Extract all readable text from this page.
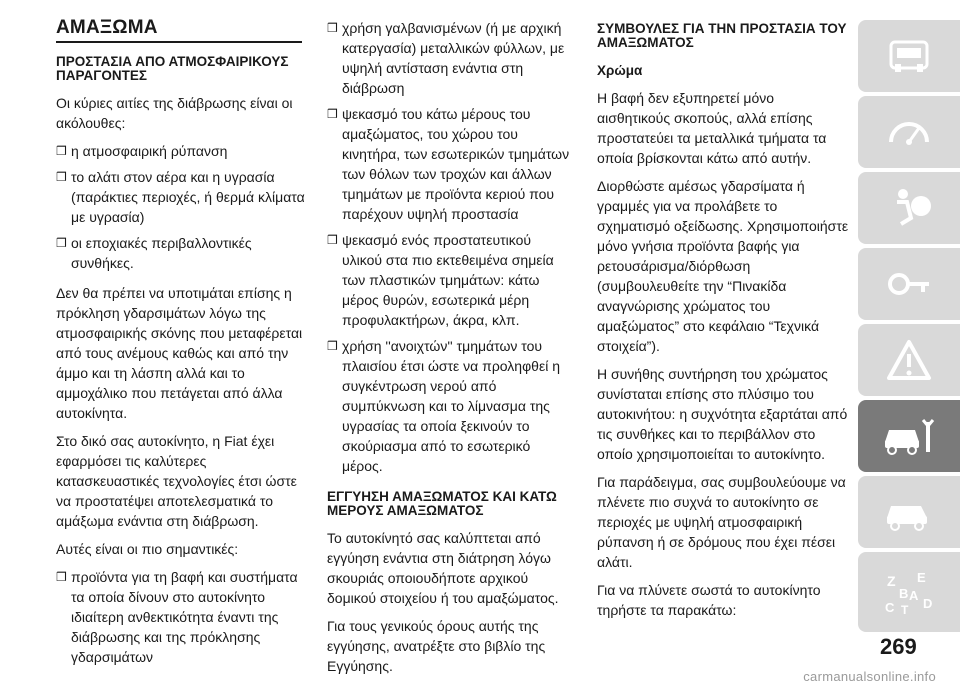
ΑΜΑΞΩΜΑ
ΠΡΟΣΤΑΣΙΑ ΑΠΟ ΑΤΜΟΣΦΑΙΡΙΚΟΥΣ ΠΑΡΑΓΟΝΤΕΣ

Οι κύριες αιτίες της διάβρωσης είναι οι ακόλουθες:

❒ η ατμοσφαιρική ρύπανση
❒ το αλάτι στον αέρα και η υγρασία (παράκτιες περιοχές, ή θερμά κλίματα με υγρασία)
❒ οι εποχιακές περιβαλλοντικές συνθήκες.

Δεν θα πρέπει να υποτιμάται επίσης η πρόκληση γδαρσιμάτων λόγω της ατμοσφαιρικής σκόνης που μεταφέρεται από τους ανέμους καθώς και από την άμμο και τη λάσπη αλλά και το αμμοχάλικο που πετάγεται από άλλα αυτοκίνητα.

Στο δικό σας αυτοκίνητο, η Fiat έχει εφαρμόσει τις καλύτερες κατασκευαστικές τεχνολογίες έτσι ώστε να προστατέψει αποτελεσματικά το αμάξωμα ενάντια στη διάβρωση.

Αυτές είναι οι πιο σημαντικές:

❒ προϊόντα για τη βαφή και συστήματα τα οποία δίνουν στο αυτοκίνητο ιδιαίτερη ανθεκτικότητα έναντι της διάβρωσης και της πρόκλησης γδαρσιμάτων
❒ χρήση γαλβανισμένων (ή με αρχική κατεργασία) μεταλλικών φύλλων, με υψηλή αντίσταση ενάντια στη διάβρωση
❒ ψεκασμό του κάτω μέρους του αμαξώματος, του χώρου του κινητήρα, των εσωτερικών τμημάτων των θόλων των τροχών και άλλων τμημάτων με προϊόντα κεριού που παρέχουν υψηλή προστασία
❒ ψεκασμό ενός προστατευτικού υλικού στα πιο εκτεθειμένα σημεία των πλαστικών τμημάτων: κάτω μέρος θυρών, εσωτερικά μέρη προφυλακτήρων, άκρα, κλπ.
❒ χρήση ''ανοιχτών'' τμημάτων του πλαισίου έτσι ώστε να προληφθεί η συγκέντρωση νερού από συμπύκνωση και το λίμνασμα της υγρασίας τα οποία ξεκινούν το σκούριασμα από το εσωτερικό μέρος.
ΕΓΓΥΗΣΗ ΑΜΑΞΩΜΑΤΟΣ ΚΑΙ ΚΑΤΩ ΜΕΡΟΥΣ ΑΜΑΞΩΜΑΤΟΣ

Το αυτοκίνητό σας καλύπτεται από εγγύηση ενάντια στη διάτρηση λόγω σκουριάς οποιουδήποτε αρχικού δομικού στοιχείου ή του αμαξώματος.

Για τους γενικούς όρους αυτής της εγγύησης, ανατρέξτε στο βιβλίο της Εγγύησης.

ΣΥΜΒΟΥΛΕΣ ΓΙΑ ΤΗΝ ΠΡΟΣΤΑΣΙΑ ΤΟΥ ΑΜΑΞΩΜΑΤΟΣ
Χρώμα

Η βαφή δεν εξυπηρετεί μόνο αισθητικούς σκοπούς, αλλά επίσης προστατεύει τα μεταλλικά τμήματα τα οποία βρίσκονται κάτω από αυτήν.

Διορθώστε αμέσως γδαρσίματα ή γραμμές για να προλάβετε το σχηματισμό οξείδωσης. Χρησιμοποιήστε μόνο γνήσια προϊόντα βαφής για ρετουσάρισμα/διόρθωση (συμβουλευθείτε την “Πινακίδα αναγνώρισης χρώματος του αμαξώματος” στο κεφάλαιο “Τεχνικά στοιχεία”).

Η συνήθης συντήρηση του χρώματος συνίσταται επίσης στο πλύσιμο του αυτοκινήτου: η συχνότητα εξαρτάται από τις συνθήκες και το περιβάλλον στο οποίο χρησιμοποιείται το αυτοκίνητο.

Για παράδειγμα, σας συμβουλεύουμε να πλένετε πιο συχνά το αυτοκίνητο σε περιοχές με υψηλή ατμοσφαιρική ρύπανση ή σε δρόμους που έχει πέσει αλάτι.

Για να πλύνετε σωστά το αυτοκίνητο τηρήστε τα παρακάτω:

Z E
B
C
A
D
T
269
carmanualsonline.info
